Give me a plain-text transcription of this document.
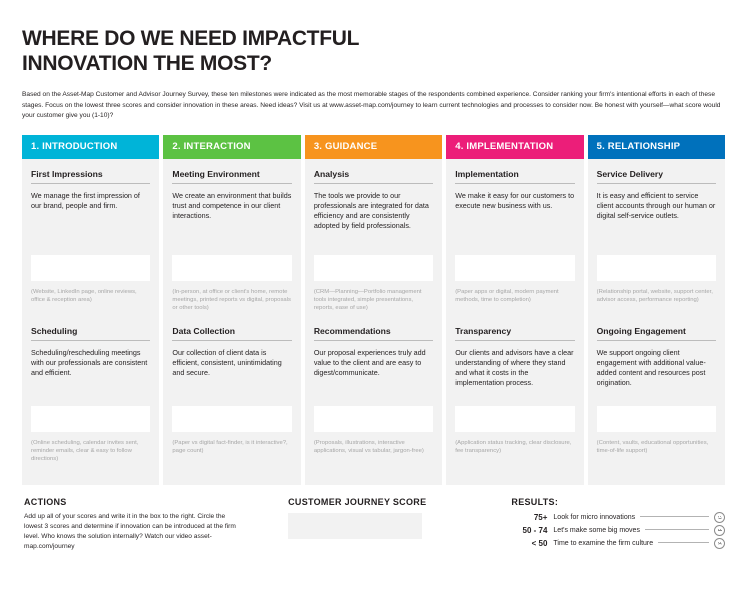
WHERE DO WE NEED IMPACTFUL
INNOVATION THE MOST?

Based on the Asset-Map Customer and Advisor Journey Survey, these ten milestones were indicated as the most memorable stages of the respondents combined experience. Consider ranking your firm's intentional efforts in each of these stages. Focus on the lowest three scores and consider innovation in these areas. Need ideas? Visit us at www.asset-map.com/journey to learn current technologies and processes to consider now. Be honest with yourself—what score would your customer give you (1-10)?

1. INTRODUCTION
First Impressions

We manage the first impression of our brand, people and firm.

(Website, LinkedIn page, online reviews, office & reception area)

Scheduling

Scheduling/rescheduling meetings with our professionals are consistent and efficient.

(Online scheduling, calendar invites sent, reminder emails, clear & easy to follow directions)

2. INTERACTION
Meeting Environment

We create an environment that builds trust and competence in our client interactions.

(In-person, at office or client's home, remote meetings, printed reports vs digital, proposals or other tools)

Data Collection

Our collection of client data is efficient, consistent, unintimidating and secure.

(Paper vs digital fact-finder, is it interactive?, page count)

3. GUIDANCE
Analysis

The tools we provide to our professionals are integrated for data efficiency and are consistently adopted by field professionals.

(CRM—Planning—Portfolio management tools integrated, simple presentations, reports, ease of use)

Recommendations

Our proposal experiences truly add value to the client and are easy to digest/communicate.

(Proposals, illustrations, interactive applications, visual vs tabular, jargon-free)

4. IMPLEMENTATION
Implementation

We make it easy for our customers to execute new business with us.

(Paper apps or digital, modern payment methods, time to completion)

Transparency

Our clients and advisors have a clear understanding of where they stand and what it costs in the implementation process.

(Application status tracking, clear disclosure, fee transparency)

5. RELATIONSHIP
Service Delivery

It is easy and efficient to service client accounts through our human or digital self-service outlets.

(Relationship portal, website, support center, advisor access, performance reporting)

Ongoing Engagement

We support ongoing client engagement with additional value-added content and resources post origination.

(Content, vaults, educational opportunities, time-of-life support)

ACTIONS

Add up all of your scores and write it in the box to the right. Circle the lowest 3 scores and determine if innovation can be introduced at the firm level. Who knows the solution internally? Watch our video asset-map.com/journey

CUSTOMER JOURNEY SCORE	RESULTS:
75+ Look for micro innovations
50 - 74 Let's make some big moves
< 50 Time to examine the firm culture
